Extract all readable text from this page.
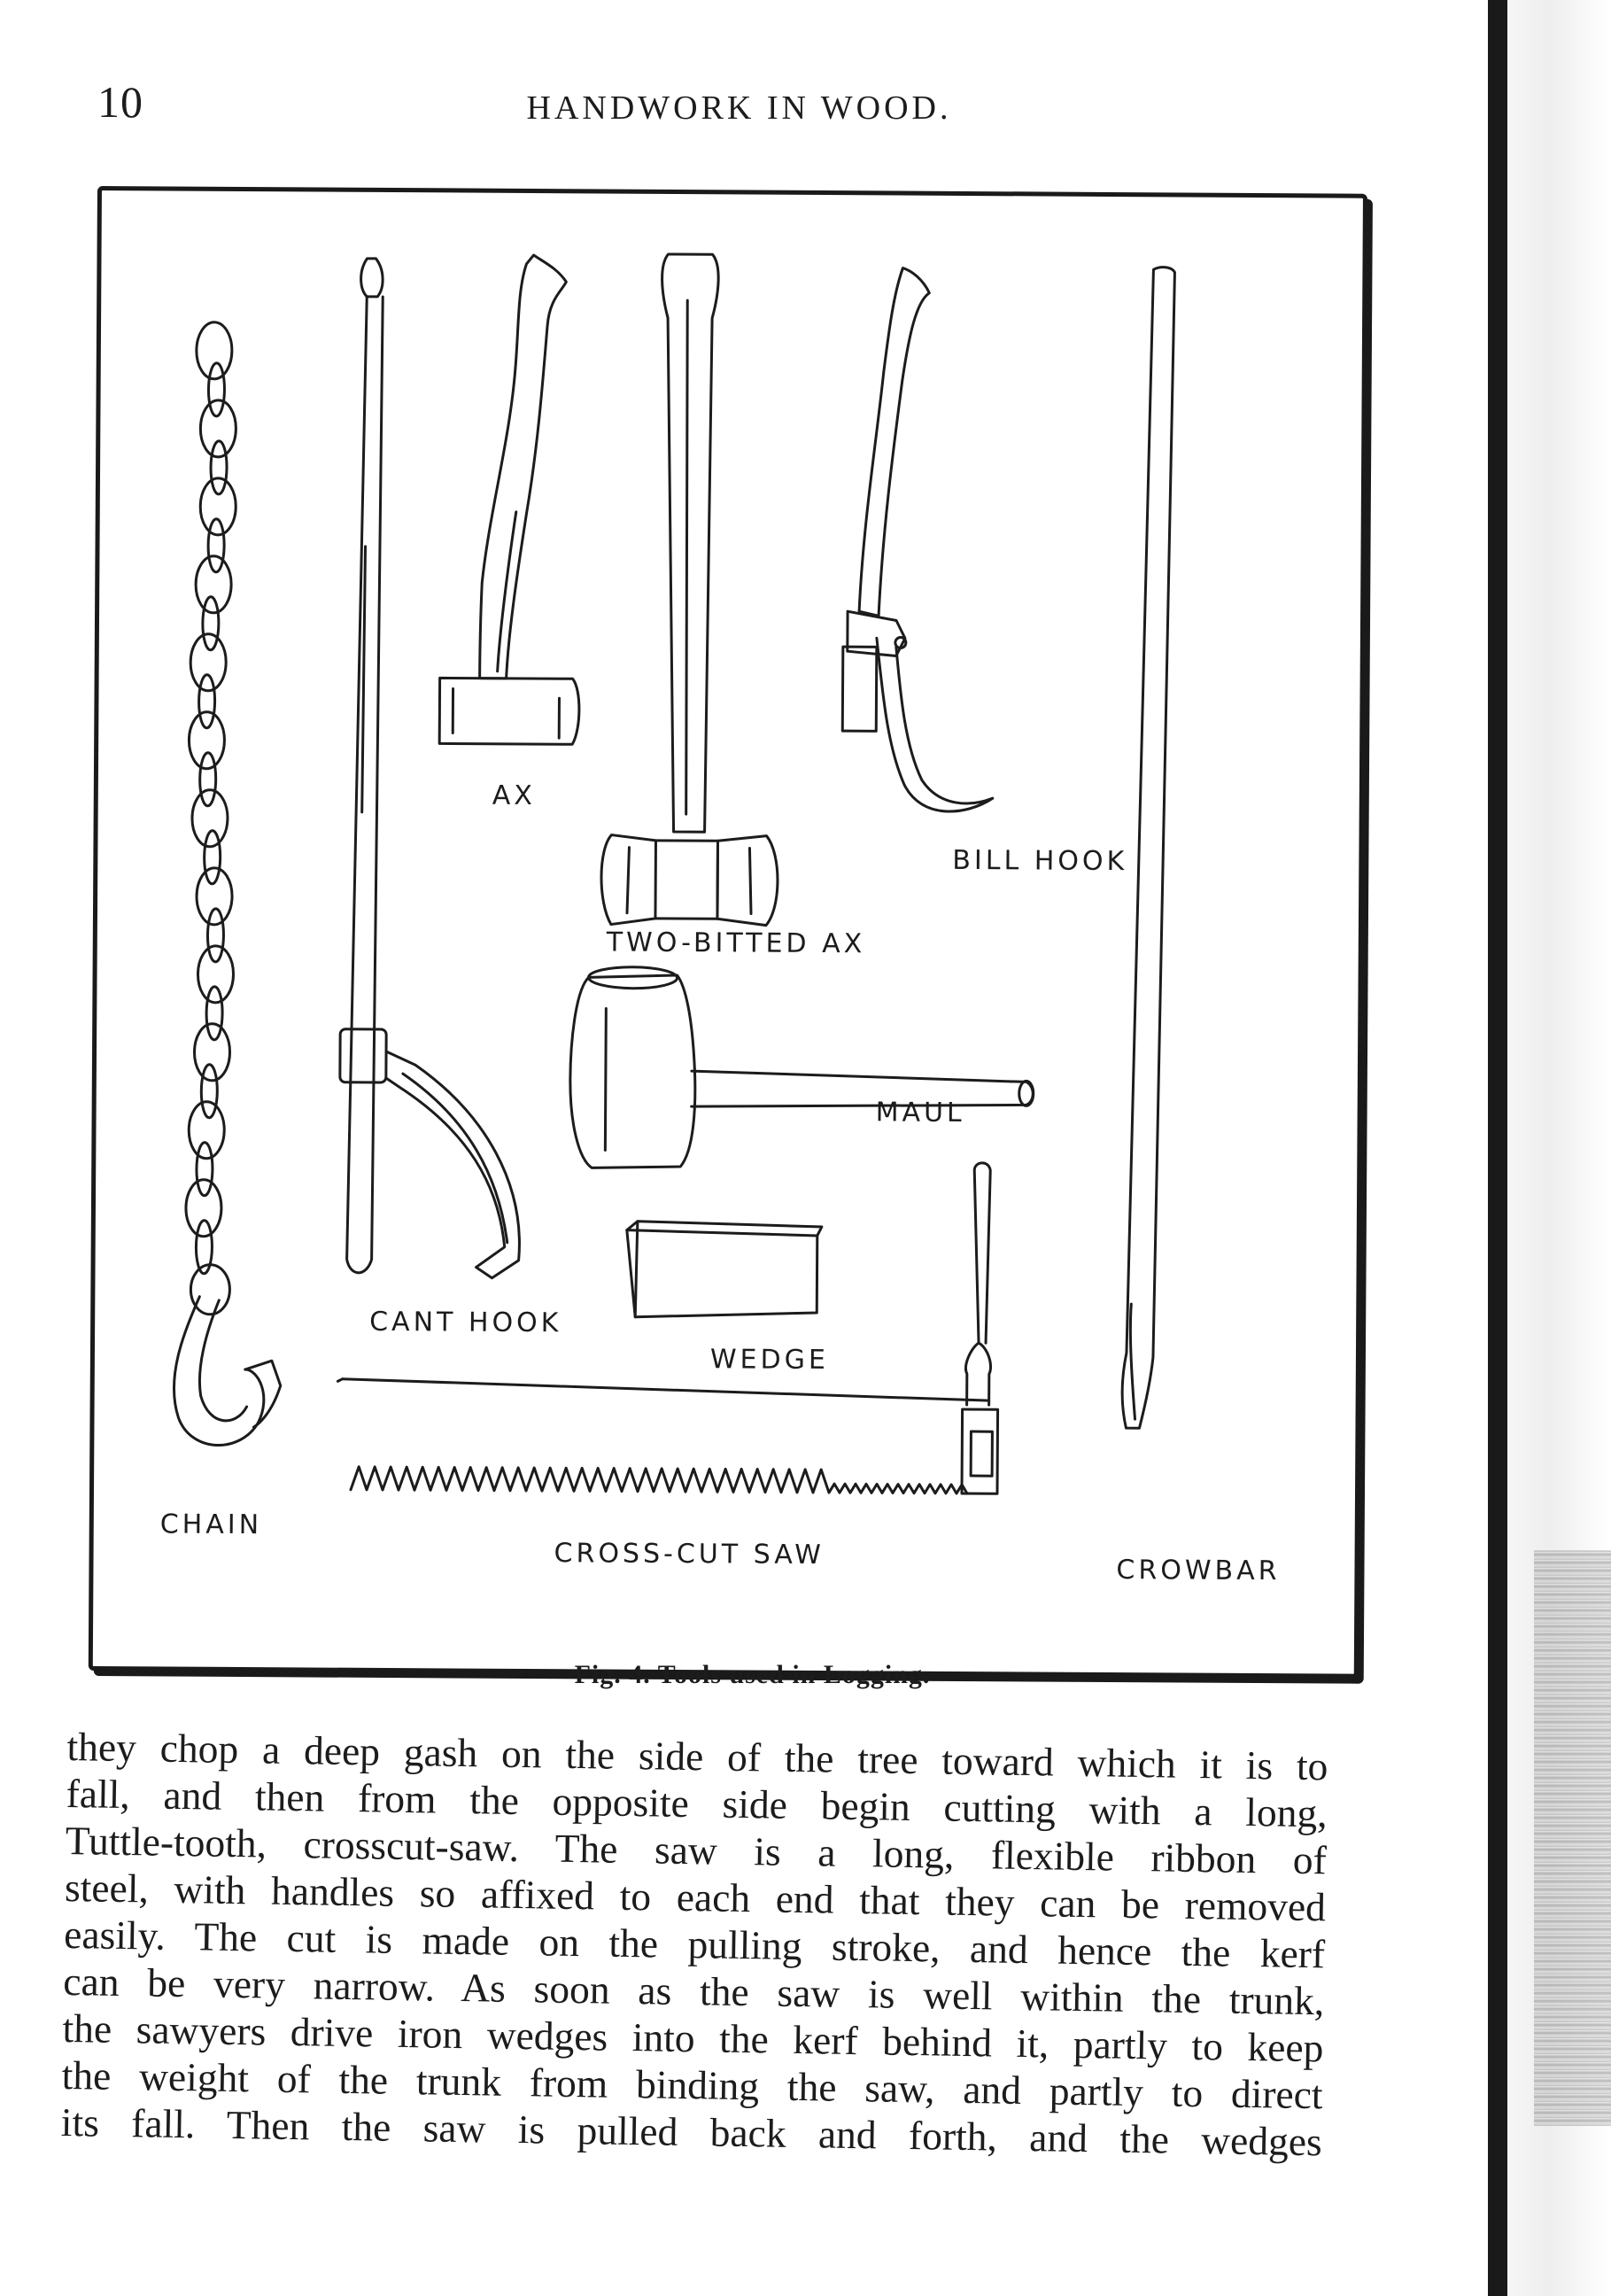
10	HANDWORK IN WOOD.
AX
TWO-BITTED AX
BILL HOOK
MAUL
CANT HOOK
WEDGE
CHAIN
CROSS-CUT SAW
CROWBAR
Fig. 4. Tools used in Logging.
they chop a deep gash on the side of the tree toward which it is to
fall, and then from the opposite side begin cutting with a long,
Tuttle-tooth, crosscut-saw. The saw is a long, flexible ribbon of
steel, with handles so affixed to each end that they can be removed
easily. The cut is made on the pulling stroke, and hence the kerf
can be very narrow. As soon as the saw is well within the trunk,
the sawyers drive iron wedges into the kerf behind it, partly to keep
the weight of the trunk from binding the saw, and partly to direct
its fall. Then the saw is pulled back and forth, and the wedges
